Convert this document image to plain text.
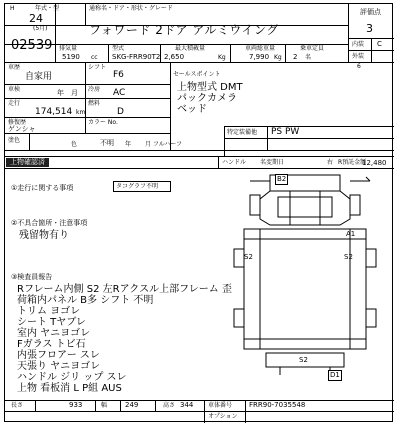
H	年式・型
24
(5月)
02539
通称名・ドア・形状・グレード
フォワード 2ドア アルミウイング
評価点
3
内装 C
外装
排気量
5190 cc
型式
SKG-FRR90T2
最大積載量
2,650	Kg
車両総重量
7,990 Kg
乗車定員
2 名
6
車歴
自家用
シフト
F6
車検	年 月 冷房 AC
走行
174,514 km
燃料
D
修復歴
ゲンシャ
カラー No.
塗色
色	不明 年 月 フルハーフ
セールスポイント
上物型式 DMT
パックカメラ
ベッド
特定装備他 PS PW
上物確認済	ハンドル 名変期日	右 R預託金額
12,480
①走行に関する事項	タコグラフ不明
②不具合箇所・注意事項
残留物有り
③検査員報告
Rフレーム内側 S2 左Rアクスル上部フレーム 歪
荷箱内パネル B多 シフト 不明
トリム ヨゴレ
シート Tヤブレ
室内 ヤニヨゴレ
Fガラス トビ石
内張フロアー スレ
天張り ヤニヨゴレ
ハンドル ジリ ップ スレ
上物 看板消 L P組 AUS
B2
A1
S2	S2
S2
D1
長さ	933	幅	249	高さ 344 車体番号 FRR90-7035548
オプション
